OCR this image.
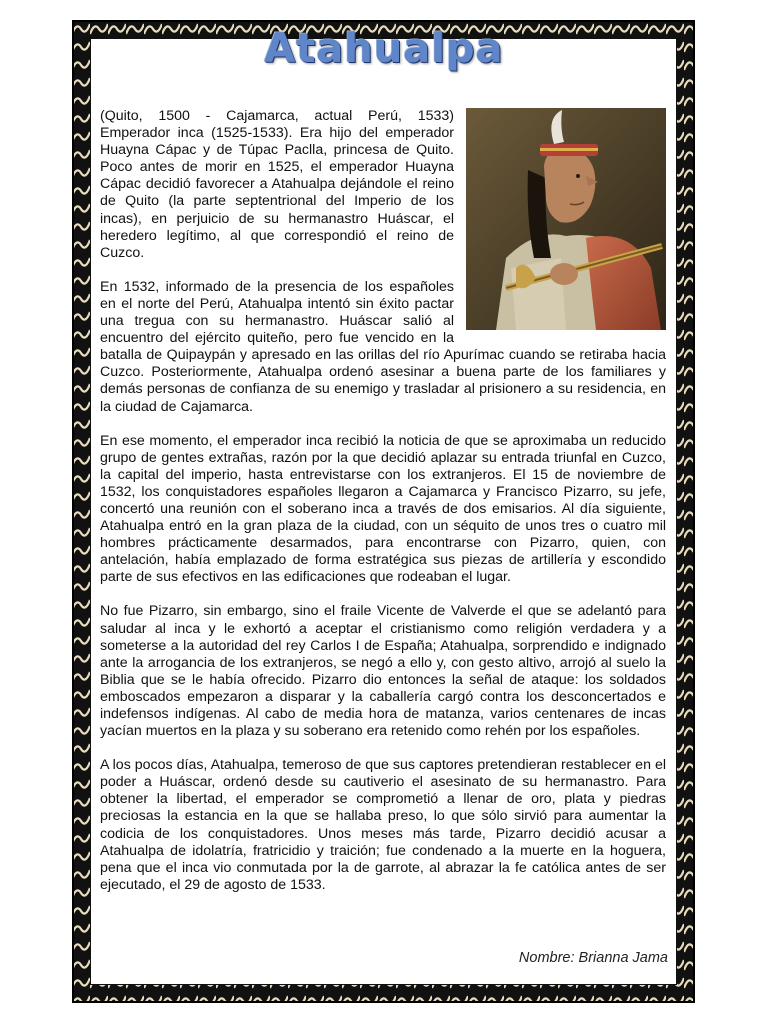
Atahualpa

(Quito, 1500 - Cajamarca, actual Perú, 1533) Emperador inca (1525-1533). Era hijo del emperador Huayna Cápac y de Túpac Paclla, princesa de Quito. Poco antes de morir en 1525, el emperador Huayna Cápac decidió favorecer a Atahualpa dejándole el reino de Quito (la parte septentrional del Imperio de los incas), en perjuicio de su hermanastro Huáscar, el heredero legítimo, al que correspondió el reino de Cuzco.

En 1532, informado de la presencia de los españoles en el norte del Perú, Atahualpa intentó sin éxito pactar una tregua con su hermanastro. Huáscar salió al encuentro del ejército quiteño, pero fue vencido en la batalla de Quipaypán y apresado en las orillas del río Apurímac cuando se retiraba hacia Cuzco. Posteriormente, Atahualpa ordenó asesinar a buena parte de los familiares y demás personas de confianza de su enemigo y trasladar al prisionero a su residencia, en la ciudad de Cajamarca.

En ese momento, el emperador inca recibió la noticia de que se aproximaba un reducido grupo de gentes extrañas, razón por la que decidió aplazar su entrada triunfal en Cuzco, la capital del imperio, hasta entrevistarse con los extranjeros. El 15 de noviembre de 1532, los conquistadores españoles llegaron a Cajamarca y Francisco Pizarro, su jefe, concertó una reunión con el soberano inca a través de dos emisarios. Al día siguiente, Atahualpa entró en la gran plaza de la ciudad, con un séquito de unos tres o cuatro mil hombres prácticamente desarmados, para encontrarse con Pizarro, quien, con antelación, había emplazado de forma estratégica sus piezas de artillería y escondido parte de sus efectivos en las edificaciones que rodeaban el lugar.

No fue Pizarro, sin embargo, sino el fraile Vicente de Valverde el que se adelantó para saludar al inca y le exhortó a aceptar el cristianismo como religión verdadera y a someterse a la autoridad del rey Carlos I de España; Atahualpa, sorprendido e indignado ante la arrogancia de los extranjeros, se negó a ello y, con gesto altivo, arrojó al suelo la Biblia que se le había ofrecido. Pizarro dio entonces la señal de ataque: los soldados emboscados empezaron a disparar y la caballería cargó contra los desconcertados e indefensos indígenas. Al cabo de media hora de matanza, varios centenares de incas yacían muertos en la plaza y su soberano era retenido como rehén por los españoles.

A los pocos días, Atahualpa, temeroso de que sus captores pretendieran restablecer en el poder a Huáscar, ordenó desde su cautiverio el asesinato de su hermanastro. Para obtener la libertad, el emperador se comprometió a llenar de oro, plata y piedras preciosas la estancia en la que se hallaba preso, lo que sólo sirvió para aumentar la codicia de los conquistadores. Unos meses más tarde, Pizarro decidió acusar a Atahualpa de idolatría, fratricidio y traición; fue condenado a la muerte en la hoguera, pena que el inca vio conmutada por la de garrote, al abrazar la fe católica antes de ser ejecutado, el 29 de agosto de 1533.

Nombre: Brianna Jama
